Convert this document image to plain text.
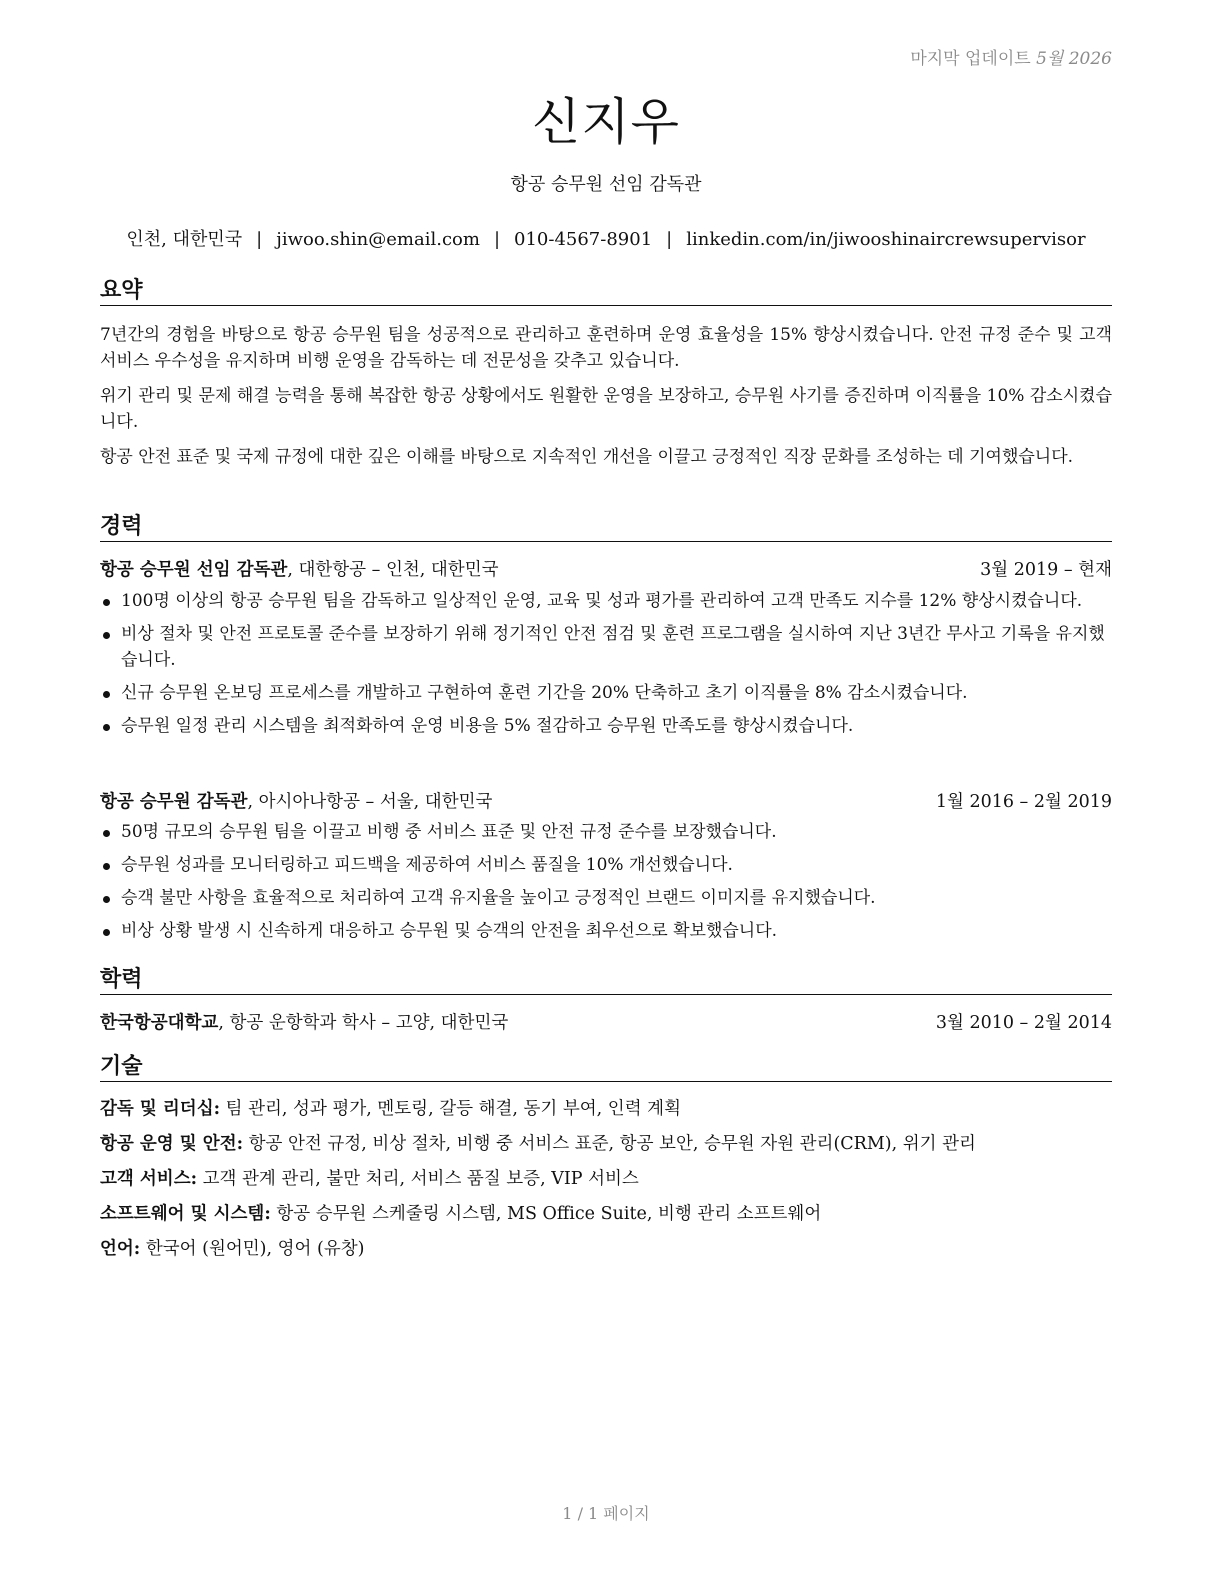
마지막 업데이트 5월 2026
신지우
항공 승무원 선임 감독관
인천, 대한민국 | jiwoo.shin@email.com | 010-4567-8901 | linkedin.com/in/jiwooshinaircrewsupervisor
요약
7년간의 경험을 바탕으로 항공 승무원 팀을 성공적으로 관리하고 훈련하며 운영 효율성을 15% 향상시켰습니다. 안전 규정 준수 및 고객 서비스 우수성을 유지하며 비행 운영을 감독하는 데 전문성을 갖추고 있습니다.
위기 관리 및 문제 해결 능력을 통해 복잡한 항공 상황에서도 원활한 운영을 보장하고, 승무원 사기를 증진하며 이직률을 10% 감소시켰습니다.
항공 안전 표준 및 국제 규정에 대한 깊은 이해를 바탕으로 지속적인 개선을 이끌고 긍정적인 직장 문화를 조성하는 데 기여했습니다.
경력
항공 승무원 선임 감독관, 대한항공 – 인천, 대한민국	3월 2019 – 현재
100명 이상의 항공 승무원 팀을 감독하고 일상적인 운영, 교육 및 성과 평가를 관리하여 고객 만족도 지수를 12% 향상시켰습니다.
비상 절차 및 안전 프로토콜 준수를 보장하기 위해 정기적인 안전 점검 및 훈련 프로그램을 실시하여 지난 3년간 무사고 기록을 유지했습니다.
신규 승무원 온보딩 프로세스를 개발하고 구현하여 훈련 기간을 20% 단축하고 초기 이직률을 8% 감소시켰습니다.
승무원 일정 관리 시스템을 최적화하여 운영 비용을 5% 절감하고 승무원 만족도를 향상시켰습니다.
항공 승무원 감독관, 아시아나항공 – 서울, 대한민국	1월 2016 – 2월 2019
50명 규모의 승무원 팀을 이끌고 비행 중 서비스 표준 및 안전 규정 준수를 보장했습니다.
승무원 성과를 모니터링하고 피드백을 제공하여 서비스 품질을 10% 개선했습니다.
승객 불만 사항을 효율적으로 처리하여 고객 유지율을 높이고 긍정적인 브랜드 이미지를 유지했습니다.
비상 상황 발생 시 신속하게 대응하고 승무원 및 승객의 안전을 최우선으로 확보했습니다.
학력
한국항공대학교, 항공 운항학과 학사 – 고양, 대한민국	3월 2010 – 2월 2014
기술
감독 및 리더십: 팀 관리, 성과 평가, 멘토링, 갈등 해결, 동기 부여, 인력 계획
항공 운영 및 안전: 항공 안전 규정, 비상 절차, 비행 중 서비스 표준, 항공 보안, 승무원 자원 관리(CRM), 위기 관리
고객 서비스: 고객 관계 관리, 불만 처리, 서비스 품질 보증, VIP 서비스
소프트웨어 및 시스템: 항공 승무원 스케줄링 시스템, MS Office Suite, 비행 관리 소프트웨어
언어: 한국어 (원어민), 영어 (유창)
1 / 1 페이지
